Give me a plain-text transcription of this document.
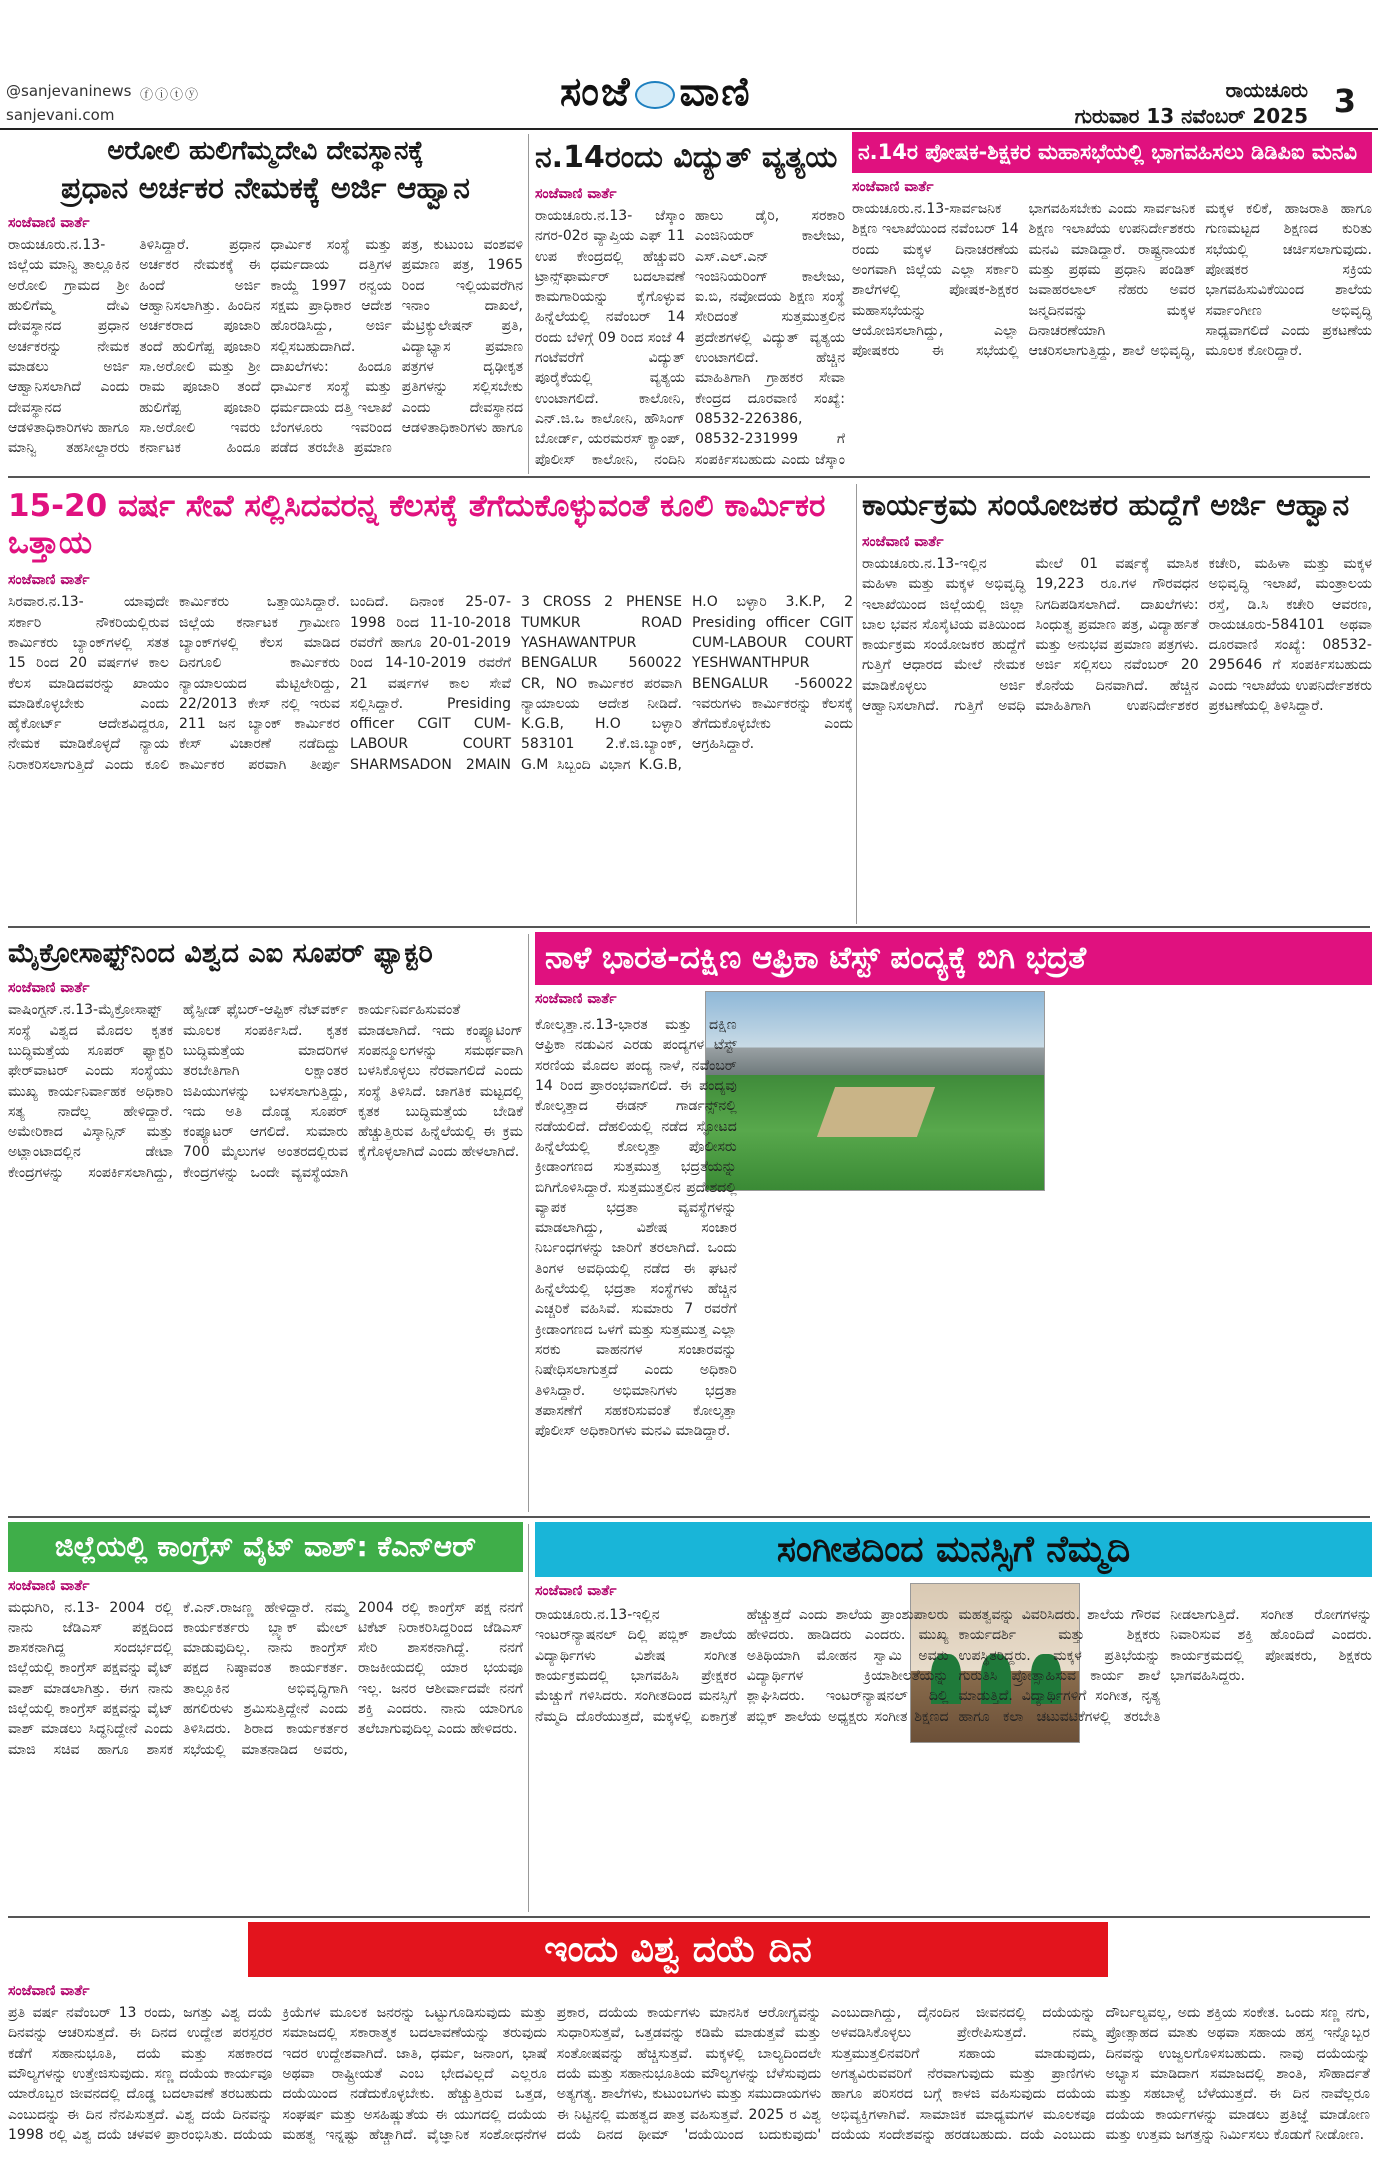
@sanjevaninews ⓕⓘⓣⓨ
sanjevani.com	ಸಂಜೆ ವಾಣಿ	ರಾಯಚೂರು
ಗುರುವಾರ 13 ನವೆಂಬರ್ 2025 3
ಅರೋಲಿ ಹುಲಿಗೆಮ್ಮದೇವಿ ದೇವಸ್ಥಾನಕ್ಕೆ
ಪ್ರಧಾನ ಅರ್ಚಕರ ನೇಮಕಕ್ಕೆ ಅರ್ಜಿ ಆಹ್ವಾನ
ಸಂಜೆವಾಣಿ ವಾರ್ತೆ
ರಾಯಚೂರು.ನ.13-ಜಿಲ್ಲೆಯ ಮಾನ್ವಿ ತಾಲ್ಲೂಕಿನ ಅರೋಲಿ ಗ್ರಾಮದ ಶ್ರೀ ಹುಲಿಗೆಮ್ಮ ದೇವಿ ದೇವಸ್ಥಾನದ ಪ್ರಧಾನ ಅರ್ಚಕರನ್ನು ನೇಮಕ ಮಾಡಲು ಅರ್ಜಿ ಆಹ್ವಾನಿಸಲಾಗಿದೆ ಎಂದು ದೇವಸ್ಥಾನದ ಆಡಳಿತಾಧಿಕಾರಿಗಳು ಹಾಗೂ ಮಾನ್ವಿ ತಹಸೀಲ್ದಾರರು ತಿಳಿಸಿದ್ದಾರೆ. ಪ್ರಧಾನ ಅರ್ಚಕರ ನೇಮಕಕ್ಕೆ ಈ ಹಿಂದೆ ಅರ್ಜಿ ಆಹ್ವಾನಿಸಲಾಗಿತ್ತು. ಹಿಂದಿನ ಅರ್ಚಕರಾದ ಪೂಜಾರಿ ತಂದೆ ಹುಲಿಗೆಪ್ಪ ಪೂಜಾರಿ ಸಾ.ಅರೋಲಿ ಮತ್ತು ಶ್ರೀ ರಾಮ ಪೂಜಾರಿ ತಂದೆ ಹುಲಿಗೆಪ್ಪ ಪೂಜಾರಿ ಸಾ.ಅರೋಲಿ ಇವರು ಕರ್ನಾಟಕ ಹಿಂದೂ ಧಾರ್ಮಿಕ ಸಂಸ್ಥೆ ಮತ್ತು ಧರ್ಮದಾಯ ದತ್ತಿಗಳ ಕಾಯ್ದೆ 1997 ರನ್ವಯ ಸಕ್ಷಮ ಪ್ರಾಧಿಕಾರ ಆದೇಶ ಹೊರಡಿಸಿದ್ದು, ಅರ್ಜಿ ಸಲ್ಲಿಸಬಹುದಾಗಿದೆ. ದಾಖಲೆಗಳು: ಹಿಂದೂ ಧಾರ್ಮಿಕ ಸಂಸ್ಥೆ ಮತ್ತು ಧರ್ಮದಾಯ ದತ್ತಿ ಇಲಾಖೆ ಬೆಂಗಳೂರು ಇವರಿಂದ ಪಡೆದ ತರಬೇತಿ ಪ್ರಮಾಣ ಪತ್ರ, ಕುಟುಂಬ ವಂಶವಳಿ ಪ್ರಮಾಣ ಪತ್ರ, 1965 ರಿಂದ ಇಲ್ಲಿಯವರೆಗಿನ ಇನಾಂ ದಾಖಲೆ, ಮೆಟ್ರಿಕ್ಯುಲೇಷನ್ ಪ್ರತಿ, ವಿದ್ಯಾಭ್ಯಾಸ ಪ್ರಮಾಣ ಪತ್ರಗಳ ದೃಢೀಕೃತ ಪ್ರತಿಗಳನ್ನು ಸಲ್ಲಿಸಬೇಕು ಎಂದು ದೇವಸ್ಥಾನದ ಆಡಳಿತಾಧಿಕಾರಿಗಳು ಹಾಗೂ
ನ.14ರಂದು ವಿದ್ಯುತ್ ವ್ಯತ್ಯಯ
ಸಂಜೆವಾಣಿ ವಾರ್ತೆ
ರಾಯಚೂರು.ನ.13- ಜೆಸ್ಕಾಂ ನಗರ-02ರ ವ್ಯಾಪ್ತಿಯ ಎಫ್ 11 ಉಪ ಕೇಂದ್ರದಲ್ಲಿ ಹೆಚ್ಚುವರಿ ಟ್ರಾನ್ಸ್‌ಫಾರ್ಮರ್ ಬದಲಾವಣೆ ಕಾಮಗಾರಿಯನ್ನು ಕೈಗೊಳ್ಳುವ ಹಿನ್ನೆಲೆಯಲ್ಲಿ ನವೆಂಬರ್ 14 ರಂದು ಬೆಳಿಗ್ಗೆ 09 ರಿಂದ ಸಂಜೆ 4 ಗಂಟೆವರೆಗೆ ವಿದ್ಯುತ್ ಪೂರೈಕೆಯಲ್ಲಿ ವ್ಯತ್ಯಯ ಉಂಟಾಗಲಿದೆ. ಕಾಲೋನಿ, ಎನ್.ಜಿ.ಒ ಕಾಲೋನಿ, ಹೌಸಿಂಗ್ ಬೋರ್ಡ್, ಯರಮರಸ್ ಕ್ಯಾಂಪ್, ಪೊಲೀಸ್ ಕಾಲೋನಿ, ನಂದಿನಿ ಹಾಲು ಡೈರಿ, ಸರಕಾರಿ ಎಂಜಿನಿಯರ್ ಕಾಲೇಜು, ಎಸ್.ಎಲ್.ಎನ್ ಇಂಜಿನಿಯರಿಂಗ್ ಕಾಲೇಜು, ಐ.ಬಿ, ನವೋದಯ ಶಿಕ್ಷಣ ಸಂಸ್ಥೆ ಸೇರಿದಂತೆ ಸುತ್ತಮುತ್ತಲಿನ ಪ್ರದೇಶಗಳಲ್ಲಿ ವಿದ್ಯುತ್ ವ್ಯತ್ಯಯ ಉಂಟಾಗಲಿದೆ. ಹೆಚ್ಚಿನ ಮಾಹಿತಿಗಾಗಿ ಗ್ರಾಹಕರ ಸೇವಾ ಕೇಂದ್ರದ ದೂರವಾಣಿ ಸಂಖ್ಯೆ: 08532-226386, 08532-231999 ಗೆ ಸಂಪರ್ಕಿಸಬಹುದು ಎಂದು ಜೆಸ್ಕಾಂ
ನ.14ರ ಪೋಷಕ-ಶಿಕ್ಷಕರ ಮಹಾಸಭೆಯಲ್ಲಿ ಭಾಗವಹಿಸಲು ಡಿಡಿಪಿಐ ಮನವಿ
ಸಂಜೆವಾಣಿ ವಾರ್ತೆ
ರಾಯಚೂರು.ನ.13-ಸಾರ್ವಜನಿಕ ಶಿಕ್ಷಣ ಇಲಾಖೆಯಿಂದ ನವೆಂಬರ್ 14 ರಂದು ಮಕ್ಕಳ ದಿನಾಚರಣೆಯ ಅಂಗವಾಗಿ ಜಿಲ್ಲೆಯ ಎಲ್ಲಾ ಸರ್ಕಾರಿ ಶಾಲೆಗಳಲ್ಲಿ ಪೋಷಕ-ಶಿಕ್ಷಕರ ಮಹಾಸಭೆಯನ್ನು ಆಯೋಜಿಸಲಾಗಿದ್ದು, ಎಲ್ಲಾ ಪೋಷಕರು ಈ ಸಭೆಯಲ್ಲಿ ಭಾಗವಹಿಸಬೇಕು ಎಂದು ಸಾರ್ವಜನಿಕ ಶಿಕ್ಷಣ ಇಲಾಖೆಯ ಉಪನಿರ್ದೇಶಕರು ಮನವಿ ಮಾಡಿದ್ದಾರೆ. ರಾಷ್ಟ್ರನಾಯಕ ಮತ್ತು ಪ್ರಥಮ ಪ್ರಧಾನಿ ಪಂಡಿತ್ ಜವಾಹರಲಾಲ್ ನೆಹರು ಅವರ ಜನ್ಮದಿನವನ್ನು ಮಕ್ಕಳ ದಿನಾಚರಣೆಯಾಗಿ ಆಚರಿಸಲಾಗುತ್ತಿದ್ದು, ಶಾಲೆ ಅಭಿವೃದ್ಧಿ, ಮಕ್ಕಳ ಕಲಿಕೆ, ಹಾಜರಾತಿ ಹಾಗೂ ಗುಣಮಟ್ಟದ ಶಿಕ್ಷಣದ ಕುರಿತು ಸಭೆಯಲ್ಲಿ ಚರ್ಚಿಸಲಾಗುವುದು. ಪೋಷಕರ ಸಕ್ರಿಯ ಭಾಗವಹಿಸುವಿಕೆಯಿಂದ ಶಾಲೆಯ ಸರ್ವಾಂಗೀಣ ಅಭಿವೃದ್ಧಿ ಸಾಧ್ಯವಾಗಲಿದೆ ಎಂದು ಪ್ರಕಟಣೆಯ ಮೂಲಕ ಕೋರಿದ್ದಾರೆ.
15-20 ವರ್ಷ ಸೇವೆ ಸಲ್ಲಿಸಿದವರನ್ನ ಕೆಲಸಕ್ಕೆ ತೆಗೆದುಕೊಳ್ಳುವಂತೆ ಕೂಲಿ ಕಾರ್ಮಿಕರ ಒತ್ತಾಯ
ಸಂಜೆವಾಣಿ ವಾರ್ತೆ
ಸಿರವಾರ.ನ.13- ಯಾವುದೇ ಸರ್ಕಾರಿ ನೌಕರಿಯಲ್ಲಿರುವ ಕಾರ್ಮಿಕರು ಬ್ಯಾಂಕ್‌ಗಳಲ್ಲಿ ಸತತ 15 ರಿಂದ 20 ವರ್ಷಗಳ ಕಾಲ ಕೆಲಸ ಮಾಡಿದವರನ್ನು ಖಾಯಂ ಮಾಡಿಕೊಳ್ಳಬೇಕು ಎಂದು ಹೈಕೋರ್ಟ್ ಆದೇಶವಿದ್ದರೂ, ನೇಮಕ ಮಾಡಿಕೊಳ್ಳದೆ ನ್ಯಾಯ ನಿರಾಕರಿಸಲಾಗುತ್ತಿದೆ ಎಂದು ಕೂಲಿ ಕಾರ್ಮಿಕರು ಒತ್ತಾಯಿಸಿದ್ದಾರೆ. ಜಿಲ್ಲೆಯ ಕರ್ನಾಟಕ ಗ್ರಾಮೀಣ ಬ್ಯಾಂಕ್‌ಗಳಲ್ಲಿ ಕೆಲಸ ಮಾಡಿದ ದಿನಗೂಲಿ ಕಾರ್ಮಿಕರು ನ್ಯಾಯಾಲಯದ ಮೆಟ್ಟಿಲೇರಿದ್ದು, 22/2013 ಕೇಸ್ ನಲ್ಲಿ ಇರುವ 211 ಜನ ಬ್ಯಾಂಕ್ ಕಾರ್ಮಿಕರ ಕೇಸ್ ವಿಚಾರಣೆ ನಡೆದಿದ್ದು ಕಾರ್ಮಿಕರ ಪರವಾಗಿ ತೀರ್ಪು ಬಂದಿದೆ. ದಿನಾಂಕ 25-07-1998 ರಿಂದ 11-10-2018 ರವರೆಗೆ ಹಾಗೂ 20-01-2019 ರಿಂದ 14-10-2019 ರವರೆಗೆ 21 ವರ್ಷಗಳ ಕಾಲ ಸೇವೆ ಸಲ್ಲಿಸಿದ್ದಾರೆ. Presiding officer CGIT CUM-LABOUR COURT SHARMSADON 2MAIN 3 CROSS 2 PHENSE TUMKUR ROAD YASHAWANTPUR BENGALUR 560022 CR, NO ಕಾರ್ಮಿಕರ ಪರವಾಗಿ ನ್ಯಾಯಾಲಯ ಆದೇಶ ನೀಡಿದೆ. K.G.B, H.O ಬಳ್ಳಾರಿ 583101 2.ಕೆ.ಜಿ.ಬ್ಯಾಂಕ್, G.M ಸಿಬ್ಬಂದಿ ವಿಭಾಗ K.G.B, H.O ಬಳ್ಳಾರಿ 3.K.P, 2 Presiding officer CGIT CUM-LABOUR COURT YESHWANTHPUR BENGALUR -560022 ಇವರುಗಳು ಕಾರ್ಮಿಕರನ್ನು ಕೆಲಸಕ್ಕೆ ತೆಗೆದುಕೊಳ್ಳಬೇಕು ಎಂದು ಆಗ್ರಹಿಸಿದ್ದಾರೆ.
ಕಾರ್ಯಕ್ರಮ ಸಂಯೋಜಕರ ಹುದ್ದೆಗೆ ಅರ್ಜಿ ಆಹ್ವಾನ
ಸಂಜೆವಾಣಿ ವಾರ್ತೆ
ರಾಯಚೂರು.ನ.13-ಇಲ್ಲಿನ ಮಹಿಳಾ ಮತ್ತು ಮಕ್ಕಳ ಅಭಿವೃದ್ಧಿ ಇಲಾಖೆಯಿಂದ ಜಿಲ್ಲೆಯಲ್ಲಿ ಜಿಲ್ಲಾ ಬಾಲ ಭವನ ಸೊಸೈಟಿಯ ವತಿಯಿಂದ ಕಾರ್ಯಕ್ರಮ ಸಂಯೋಜಕರ ಹುದ್ದೆಗೆ ಗುತ್ತಿಗೆ ಆಧಾರದ ಮೇಲೆ ನೇಮಕ ಮಾಡಿಕೊಳ್ಳಲು ಅರ್ಜಿ ಆಹ್ವಾನಿಸಲಾಗಿದೆ. ಗುತ್ತಿಗೆ ಅವಧಿ ಮೇಲೆ 01 ವರ್ಷಕ್ಕೆ ಮಾಸಿಕ 19,223 ರೂ.ಗಳ ಗೌರವಧನ ನಿಗದಿಪಡಿಸಲಾಗಿದೆ. ದಾಖಲೆಗಳು: ಸಿಂಧುತ್ವ ಪ್ರಮಾಣ ಪತ್ರ, ವಿದ್ಯಾರ್ಹತೆ ಮತ್ತು ಅನುಭವ ಪ್ರಮಾಣ ಪತ್ರಗಳು. ಅರ್ಜಿ ಸಲ್ಲಿಸಲು ನವೆಂಬರ್ 20 ಕೊನೆಯ ದಿನವಾಗಿದೆ. ಹೆಚ್ಚಿನ ಮಾಹಿತಿಗಾಗಿ ಉಪನಿರ್ದೇಶಕರ ಕಚೇರಿ, ಮಹಿಳಾ ಮತ್ತು ಮಕ್ಕಳ ಅಭಿವೃದ್ಧಿ ಇಲಾಖೆ, ಮಂತ್ರಾಲಯ ರಸ್ತೆ, ಡಿ.ಸಿ ಕಚೇರಿ ಆವರಣ, ರಾಯಚೂರು-584101 ಅಥವಾ ದೂರವಾಣಿ ಸಂಖ್ಯೆ: 08532-295646 ಗೆ ಸಂಪರ್ಕಿಸಬಹುದು ಎಂದು ಇಲಾಖೆಯ ಉಪನಿರ್ದೇಶಕರು ಪ್ರಕಟಣೆಯಲ್ಲಿ ತಿಳಿಸಿದ್ದಾರೆ.
ಮೈಕ್ರೋಸಾಫ್ಟ್‌ನಿಂದ ವಿಶ್ವದ ಎಐ ಸೂಪರ್ ಫ್ಯಾಕ್ಟರಿ
ಸಂಜೆವಾಣಿ ವಾರ್ತೆ
ವಾಷಿಂಗ್ಟನ್.ನ.13-ಮೈಕ್ರೋಸಾಫ್ಟ್ ಸಂಸ್ಥೆ ವಿಶ್ವದ ಮೊದಲ ಕೃತಕ ಬುದ್ಧಿಮತ್ತೆಯ ಸೂಪರ್ ಫ್ಯಾಕ್ಟರಿ ಫೇರ್‌ವಾಟರ್ ಎಂದು ಸಂಸ್ಥೆಯು ಮುಖ್ಯ ಕಾರ್ಯನಿರ್ವಾಹಕ ಅಧಿಕಾರಿ ಸತ್ಯ ನಾದೆಲ್ಲ ಹೇಳಿದ್ದಾರೆ. ಅಮೇರಿಕಾದ ವಿಸ್ಕಾನ್ಸಿನ್ ಮತ್ತು ಅಟ್ಲಾಂಟಾದಲ್ಲಿನ ಡೇಟಾ ಕೇಂದ್ರಗಳನ್ನು ಸಂಪರ್ಕಿಸಲಾಗಿದ್ದು, ಹೈಸ್ಪೀಡ್ ಫೈಬರ್-ಆಪ್ಟಿಕ್ ನೆಟ್‌ವರ್ಕ್ ಮೂಲಕ ಸಂಪರ್ಕಿಸಿದೆ. ಕೃತಕ ಬುದ್ಧಿಮತ್ತೆಯ ಮಾದರಿಗಳ ತರಬೇತಿಗಾಗಿ ಲಕ್ಷಾಂತರ ಜಿಪಿಯುಗಳನ್ನು ಬಳಸಲಾಗುತ್ತಿದ್ದು, ಇದು ಅತಿ ದೊಡ್ಡ ಸೂಪರ್ ಕಂಪ್ಯೂಟರ್ ಆಗಲಿದೆ. ಸುಮಾರು 700 ಮೈಲುಗಳ ಅಂತರದಲ್ಲಿರುವ ಕೇಂದ್ರಗಳನ್ನು ಒಂದೇ ವ್ಯವಸ್ಥೆಯಾಗಿ ಕಾರ್ಯನಿರ್ವಹಿಸುವಂತೆ ಮಾಡಲಾಗಿದೆ. ಇದು ಕಂಪ್ಯೂಟಿಂಗ್ ಸಂಪನ್ಮೂಲಗಳನ್ನು ಸಮರ್ಥವಾಗಿ ಬಳಸಿಕೊಳ್ಳಲು ನೆರವಾಗಲಿದೆ ಎಂದು ಸಂಸ್ಥೆ ತಿಳಿಸಿದೆ. ಜಾಗತಿಕ ಮಟ್ಟದಲ್ಲಿ ಕೃತಕ ಬುದ್ಧಿಮತ್ತೆಯ ಬೇಡಿಕೆ ಹೆಚ್ಚುತ್ತಿರುವ ಹಿನ್ನೆಲೆಯಲ್ಲಿ ಈ ಕ್ರಮ ಕೈಗೊಳ್ಳಲಾಗಿದೆ ಎಂದು ಹೇಳಲಾಗಿದೆ.
ನಾಳೆ ಭಾರತ-ದಕ್ಷಿಣ ಆಫ್ರಿಕಾ ಟೆಸ್ಟ್ ಪಂದ್ಯಕ್ಕೆ ಬಿಗಿ ಭದ್ರತೆ
ಸಂಜೆವಾಣಿ ವಾರ್ತೆ
ಕೋಲ್ಕತ್ತಾ.ನ.13-ಭಾರತ ಮತ್ತು ದಕ್ಷಿಣ ಆಫ್ರಿಕಾ ನಡುವಿನ ಎರಡು ಪಂದ್ಯಗಳ ಟೆಸ್ಟ್ ಸರಣಿಯ ಮೊದಲ ಪಂದ್ಯ ನಾಳೆ, ನವೆಂಬರ್ 14 ರಿಂದ ಪ್ರಾರಂಭವಾಗಲಿದೆ. ಈ ಪಂದ್ಯವು ಕೋಲ್ಕತ್ತಾದ ಈಡನ್ ಗಾರ್ಡನ್ಸ್‌ನಲ್ಲಿ ನಡೆಯಲಿದೆ. ದೆಹಲಿಯಲ್ಲಿ ನಡೆದ ಸ್ಫೋಟದ ಹಿನ್ನೆಲೆಯಲ್ಲಿ ಕೋಲ್ಕತ್ತಾ ಪೊಲೀಸರು ಕ್ರೀಡಾಂಗಣದ ಸುತ್ತಮುತ್ತ ಭದ್ರತೆಯನ್ನು ಬಿಗಿಗೊಳಿಸಿದ್ದಾರೆ. ಸುತ್ತಮುತ್ತಲಿನ ಪ್ರದೇಶದಲ್ಲಿ ವ್ಯಾಪಕ ಭದ್ರತಾ ವ್ಯವಸ್ಥೆಗಳನ್ನು ಮಾಡಲಾಗಿದ್ದು, ವಿಶೇಷ ಸಂಚಾರ ನಿರ್ಬಂಧಗಳನ್ನು ಜಾರಿಗೆ ತರಲಾಗಿದೆ. ಒಂದು ತಿಂಗಳ ಅವಧಿಯಲ್ಲಿ ನಡೆದ ಈ ಘಟನೆ ಹಿನ್ನೆಲೆಯಲ್ಲಿ ಭದ್ರತಾ ಸಂಸ್ಥೆಗಳು ಹೆಚ್ಚಿನ ಎಚ್ಚರಿಕೆ ವಹಿಸಿವೆ. ಸುಮಾರು 7 ರವರೆಗೆ ಕ್ರೀಡಾಂಗಣದ ಒಳಗೆ ಮತ್ತು ಸುತ್ತಮುತ್ತ ಎಲ್ಲಾ ಸರಕು ವಾಹನಗಳ ಸಂಚಾರವನ್ನು ನಿಷೇಧಿಸಲಾಗುತ್ತದೆ ಎಂದು ಅಧಿಕಾರಿ ತಿಳಿಸಿದ್ದಾರೆ. ಅಭಿಮಾನಿಗಳು ಭದ್ರತಾ ತಪಾಸಣೆಗೆ ಸಹಕರಿಸುವಂತೆ ಕೋಲ್ಕತ್ತಾ ಪೊಲೀಸ್ ಅಧಿಕಾರಿಗಳು ಮನವಿ ಮಾಡಿದ್ದಾರೆ.
ಜಿಲ್ಲೆಯಲ್ಲಿ ಕಾಂಗ್ರೆಸ್ ವೈಟ್ ವಾಶ್: ಕೆಎನ್‌ಆರ್
ಸಂಜೆವಾಣಿ ವಾರ್ತೆ
ಮಧುಗಿರಿ, ನ.13- 2004 ರಲ್ಲಿ ನಾನು ಜೆಡಿಎಸ್ ಪಕ್ಷದಿಂದ ಶಾಸಕನಾಗಿದ್ದ ಸಂದರ್ಭದಲ್ಲಿ ಜಿಲ್ಲೆಯಲ್ಲಿ ಕಾಂಗ್ರೆಸ್ ಪಕ್ಷವನ್ನು ವೈಟ್ ವಾಶ್ ಮಾಡಲಾಗಿತ್ತು. ಈಗ ನಾನು ಜಿಲ್ಲೆಯಲ್ಲಿ ಕಾಂಗ್ರೆಸ್ ಪಕ್ಷವನ್ನು ವೈಟ್ ವಾಶ್ ಮಾಡಲು ಸಿದ್ಧನಿದ್ದೇನೆ ಎಂದು ಮಾಜಿ ಸಚಿವ ಹಾಗೂ ಶಾಸಕ ಕೆ.ಎನ್.ರಾಜಣ್ಣ ಹೇಳಿದ್ದಾರೆ. ನಮ್ಮ ಕಾರ್ಯಕರ್ತರು ಬ್ಲ್ಯಾಕ್ ಮೇಲ್ ಮಾಡುವುದಿಲ್ಲ. ನಾನು ಕಾಂಗ್ರೆಸ್ ಪಕ್ಷದ ನಿಷ್ಠಾವಂತ ಕಾರ್ಯಕರ್ತ. ತಾಲ್ಲೂಕಿನ ಅಭಿವೃದ್ಧಿಗಾಗಿ ಹಗಲಿರುಳು ಶ್ರಮಿಸುತ್ತಿದ್ದೇನೆ ಎಂದು ತಿಳಿಸಿದರು. ಶಿರಾದ ಕಾರ್ಯಕರ್ತರ ಸಭೆಯಲ್ಲಿ ಮಾತನಾಡಿದ ಅವರು, 2004 ರಲ್ಲಿ ಕಾಂಗ್ರೆಸ್ ಪಕ್ಷ ನನಗೆ ಟಿಕೆಟ್ ನಿರಾಕರಿಸಿದ್ದರಿಂದ ಜೆಡಿಎಸ್ ಸೇರಿ ಶಾಸಕನಾಗಿದ್ದೆ. ನನಗೆ ರಾಜಕೀಯದಲ್ಲಿ ಯಾರ ಭಯವೂ ಇಲ್ಲ. ಜನರ ಆಶೀರ್ವಾದವೇ ನನಗೆ ಶಕ್ತಿ ಎಂದರು. ನಾನು ಯಾರಿಗೂ ತಲೆಬಾಗುವುದಿಲ್ಲ ಎಂದು ಹೇಳಿದರು.
ಸಂಗೀತದಿಂದ ಮನಸ್ಸಿಗೆ ನೆಮ್ಮದಿ
ಸಂಜೆವಾಣಿ ವಾರ್ತೆ
ರಾಯಚೂರು.ನ.13-ಇಲ್ಲಿನ ಇಂಟರ್‌ನ್ಯಾಷನಲ್ ದಿಲ್ಲಿ ಪಬ್ಲಿಕ್ ಶಾಲೆಯ ವಿದ್ಯಾರ್ಥಿಗಳು ವಿಶೇಷ ಸಂಗೀತ ಕಾರ್ಯಕ್ರಮದಲ್ಲಿ ಭಾಗವಹಿಸಿ ಪ್ರೇಕ್ಷಕರ ಮೆಚ್ಚುಗೆ ಗಳಿಸಿದರು. ಸಂಗೀತದಿಂದ ಮನಸ್ಸಿಗೆ ನೆಮ್ಮದಿ ದೊರೆಯುತ್ತದೆ, ಮಕ್ಕಳಲ್ಲಿ ಏಕಾಗ್ರತೆ ಹೆಚ್ಚುತ್ತದೆ ಎಂದು ಶಾಲೆಯ ಪ್ರಾಂಶುಪಾಲರು ಹೇಳಿದರು. ಹಾಡಿದರು ಎಂದರು. ಮುಖ್ಯ ಅತಿಥಿಯಾಗಿ ಮೋಹನ ಸ್ವಾಮಿ ಅವರು ವಿದ್ಯಾರ್ಥಿಗಳ ಕ್ರಿಯಾಶೀಲತೆಯನ್ನು ಶ್ಲಾಘಿಸಿದರು. ಇಂಟರ್‌ನ್ಯಾಷನಲ್ ದಿಲ್ಲಿ ಪಬ್ಲಿಕ್ ಶಾಲೆಯ ಅಧ್ಯಕ್ಷರು ಸಂಗೀತ ಶಿಕ್ಷಣದ ಮಹತ್ವವನ್ನು ವಿವರಿಸಿದರು. ಶಾಲೆಯ ಗೌರವ ಕಾರ್ಯದರ್ಶಿ ಮತ್ತು ಶಿಕ್ಷಕರು ಉಪಸ್ಥಿತರಿದ್ದರು. ಮಕ್ಕಳ ಪ್ರತಿಭೆಯನ್ನು ಗುರುತಿಸಿ ಪ್ರೋತ್ಸಾಹಿಸುವ ಕಾರ್ಯ ಶಾಲೆ ಮಾಡುತ್ತಿದೆ. ವಿದ್ಯಾರ್ಥಿಗಳಿಗೆ ಸಂಗೀತ, ನೃತ್ಯ ಹಾಗೂ ಕಲಾ ಚಟುವಟಿಕೆಗಳಲ್ಲಿ ತರಬೇತಿ ನೀಡಲಾಗುತ್ತಿದೆ. ಸಂಗೀತ ರೋಗಗಳನ್ನು ನಿವಾರಿಸುವ ಶಕ್ತಿ ಹೊಂದಿದೆ ಎಂದರು. ಕಾರ್ಯಕ್ರಮದಲ್ಲಿ ಪೋಷಕರು, ಶಿಕ್ಷಕರು ಭಾಗವಹಿಸಿದ್ದರು.
ಇಂದು ವಿಶ್ವ ದಯೆ ದಿನ
ಸಂಜೆವಾಣಿ ವಾರ್ತೆ
ಪ್ರತಿ ವರ್ಷ ನವೆಂಬರ್ 13 ರಂದು, ಜಗತ್ತು ವಿಶ್ವ ದಯೆ ದಿನವನ್ನು ಆಚರಿಸುತ್ತದೆ. ಈ ದಿನದ ಉದ್ದೇಶ ಪರಸ್ಪರರ ಕಡೆಗೆ ಸಹಾನುಭೂತಿ, ದಯೆ ಮತ್ತು ಸಹಕಾರದ ಮೌಲ್ಯಗಳನ್ನು ಉತ್ತೇಜಿಸುವುದು. ಸಣ್ಣ ದಯೆಯ ಕಾರ್ಯವೂ ಯಾರೊಬ್ಬರ ಜೀವನದಲ್ಲಿ ದೊಡ್ಡ ಬದಲಾವಣೆ ತರಬಹುದು ಎಂಬುದನ್ನು ಈ ದಿನ ನೆನಪಿಸುತ್ತದೆ. ವಿಶ್ವ ದಯೆ ದಿನವನ್ನು 1998 ರಲ್ಲಿ ವಿಶ್ವ ದಯೆ ಚಳವಳಿ ಪ್ರಾರಂಭಿಸಿತು. ದಯೆಯ ಕ್ರಿಯೆಗಳ ಮೂಲಕ ಜನರನ್ನು ಒಟ್ಟುಗೂಡಿಸುವುದು ಮತ್ತು ಸಮಾಜದಲ್ಲಿ ಸಕಾರಾತ್ಮಕ ಬದಲಾವಣೆಯನ್ನು ತರುವುದು ಇದರ ಉದ್ದೇಶವಾಗಿದೆ. ಜಾತಿ, ಧರ್ಮ, ಜನಾಂಗ, ಭಾಷೆ ಅಥವಾ ರಾಷ್ಟ್ರೀಯತೆ ಎಂಬ ಭೇದವಿಲ್ಲದೆ ಎಲ್ಲರೂ ದಯೆಯಿಂದ ನಡೆದುಕೊಳ್ಳಬೇಕು. ಹೆಚ್ಚುತ್ತಿರುವ ಒತ್ತಡ, ಸಂಘರ್ಷ ಮತ್ತು ಅಸಹಿಷ್ಣುತೆಯ ಈ ಯುಗದಲ್ಲಿ ದಯೆಯ ಮಹತ್ವ ಇನ್ನಷ್ಟು ಹೆಚ್ಚಾಗಿದೆ. ವೈಜ್ಞಾನಿಕ ಸಂಶೋಧನೆಗಳ ಪ್ರಕಾರ, ದಯೆಯ ಕಾರ್ಯಗಳು ಮಾನಸಿಕ ಆರೋಗ್ಯವನ್ನು ಸುಧಾರಿಸುತ್ತವೆ, ಒತ್ತಡವನ್ನು ಕಡಿಮೆ ಮಾಡುತ್ತವೆ ಮತ್ತು ಸಂತೋಷವನ್ನು ಹೆಚ್ಚಿಸುತ್ತವೆ. ಮಕ್ಕಳಲ್ಲಿ ಬಾಲ್ಯದಿಂದಲೇ ದಯೆ ಮತ್ತು ಸಹಾನುಭೂತಿಯ ಮೌಲ್ಯಗಳನ್ನು ಬೆಳೆಸುವುದು ಅತ್ಯಗತ್ಯ. ಶಾಲೆಗಳು, ಕುಟುಂಬಗಳು ಮತ್ತು ಸಮುದಾಯಗಳು ಈ ನಿಟ್ಟಿನಲ್ಲಿ ಮಹತ್ವದ ಪಾತ್ರ ವಹಿಸುತ್ತವೆ. 2025 ರ ವಿಶ್ವ ದಯೆ ದಿನದ ಥೀಮ್ 'ದಯೆಯಿಂದ ಬದುಕುವುದು' ಎಂಬುದಾಗಿದ್ದು, ದೈನಂದಿನ ಜೀವನದಲ್ಲಿ ದಯೆಯನ್ನು ಅಳವಡಿಸಿಕೊಳ್ಳಲು ಪ್ರೇರೇಪಿಸುತ್ತದೆ. ನಮ್ಮ ಸುತ್ತಮುತ್ತಲಿನವರಿಗೆ ಸಹಾಯ ಮಾಡುವುದು, ಅಗತ್ಯವಿರುವವರಿಗೆ ನೆರವಾಗುವುದು ಮತ್ತು ಪ್ರಾಣಿಗಳು ಹಾಗೂ ಪರಿಸರದ ಬಗ್ಗೆ ಕಾಳಜಿ ವಹಿಸುವುದು ದಯೆಯ ಅಭಿವ್ಯಕ್ತಿಗಳಾಗಿವೆ. ಸಾಮಾಜಿಕ ಮಾಧ್ಯಮಗಳ ಮೂಲಕವೂ ದಯೆಯ ಸಂದೇಶವನ್ನು ಹರಡಬಹುದು. ದಯೆ ಎಂಬುದು ದೌರ್ಬಲ್ಯವಲ್ಲ, ಅದು ಶಕ್ತಿಯ ಸಂಕೇತ. ಒಂದು ಸಣ್ಣ ನಗು, ಪ್ರೋತ್ಸಾಹದ ಮಾತು ಅಥವಾ ಸಹಾಯ ಹಸ್ತ ಇನ್ನೊಬ್ಬರ ದಿನವನ್ನು ಉಜ್ವಲಗೊಳಿಸಬಹುದು. ನಾವು ದಯೆಯನ್ನು ಅಭ್ಯಾಸ ಮಾಡಿದಾಗ ಸಮಾಜದಲ್ಲಿ ಶಾಂತಿ, ಸೌಹಾರ್ದತೆ ಮತ್ತು ಸಹಬಾಳ್ವೆ ಬೆಳೆಯುತ್ತದೆ. ಈ ದಿನ ನಾವೆಲ್ಲರೂ ದಯೆಯ ಕಾರ್ಯಗಳನ್ನು ಮಾಡಲು ಪ್ರತಿಜ್ಞೆ ಮಾಡೋಣ ಮತ್ತು ಉತ್ತಮ ಜಗತ್ತನ್ನು ನಿರ್ಮಿಸಲು ಕೊಡುಗೆ ನೀಡೋಣ.
